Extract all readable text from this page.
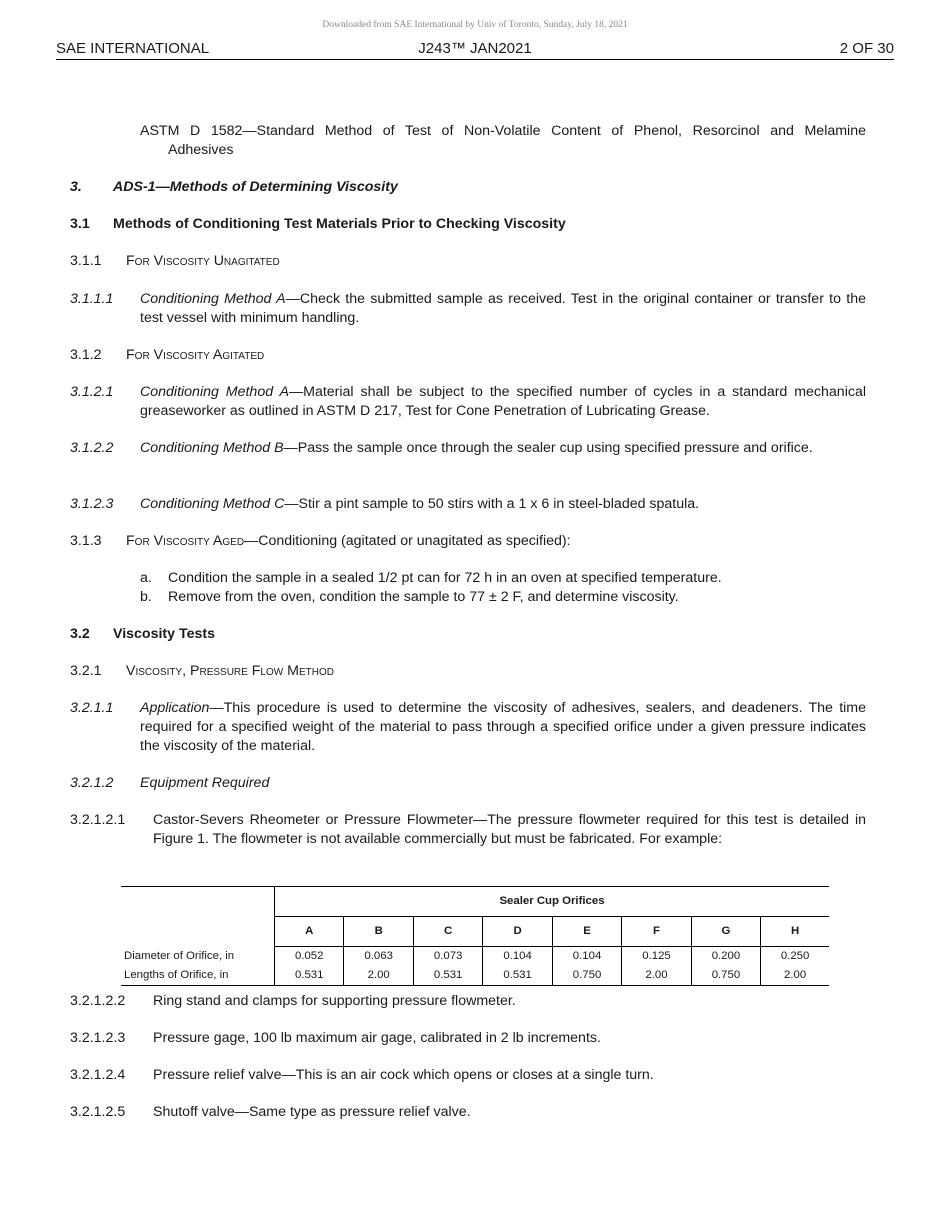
Downloaded from SAE International by Univ of Toronto, Sunday, July 18, 2021
SAE INTERNATIONAL	J243™ JAN2021	2 OF 30
ASTM D 1582—Standard Method of Test of Non-Volatile Content of Phenol, Resorcinol and Melamine
Adhesives
3. ADS-1—Methods of Determining Viscosity
3.1 Methods of Conditioning Test Materials Prior to Checking Viscosity
3.1.1 For Viscosity Unagitated
3.1.1.1 Conditioning Method A—Check the submitted sample as received. Test in the original container or transfer to the test vessel with minimum handling.
3.1.2 For Viscosity Agitated
3.1.2.1 Conditioning Method A—Material shall be subject to the specified number of cycles in a standard mechanical greaseworker as outlined in ASTM D 217, Test for Cone Penetration of Lubricating Grease.
3.1.2.2 Conditioning Method B—Pass the sample once through the sealer cup using specified pressure and orifice.
3.1.2.3 Conditioning Method C—Stir a pint sample to 50 stirs with a 1 x 6 in steel-bladed spatula.
3.1.3 For Viscosity Aged—Conditioning (agitated or unagitated as specified):
a. Condition the sample in a sealed 1/2 pt can for 72 h in an oven at specified temperature.
b. Remove from the oven, condition the sample to 77 ± 2 F, and determine viscosity.
3.2 Viscosity Tests
3.2.1 Viscosity, Pressure Flow Method
3.2.1.1 Application—This procedure is used to determine the viscosity of adhesives, sealers, and deadeners. The time required for a specified weight of the material to pass through a specified orifice under a given pressure indicates the viscosity of the material.
3.2.1.2 Equipment Required
3.2.1.2.1 Castor-Severs Rheometer or Pressure Flowmeter—The pressure flowmeter required for this test is detailed in Figure 1. The flowmeter is not available commercially but must be fabricated. For example:
	Sealer Cup Orifices							
	A	B	C	D	E	F	G	H
Diameter of Orifice, in	0.052	0.063	0.073	0.104	0.104	0.125	0.200	0.250
Lengths of Orifice, in	0.531	2.00	0.531	0.531	0.750	2.00	0.750	2.00
3.2.1.2.2 Ring stand and clamps for supporting pressure flowmeter.
3.2.1.2.3 Pressure gage, 100 lb maximum air gage, calibrated in 2 lb increments.
3.2.1.2.4 Pressure relief valve—This is an air cock which opens or closes at a single turn.
3.2.1.2.5 Shutoff valve—Same type as pressure relief valve.
